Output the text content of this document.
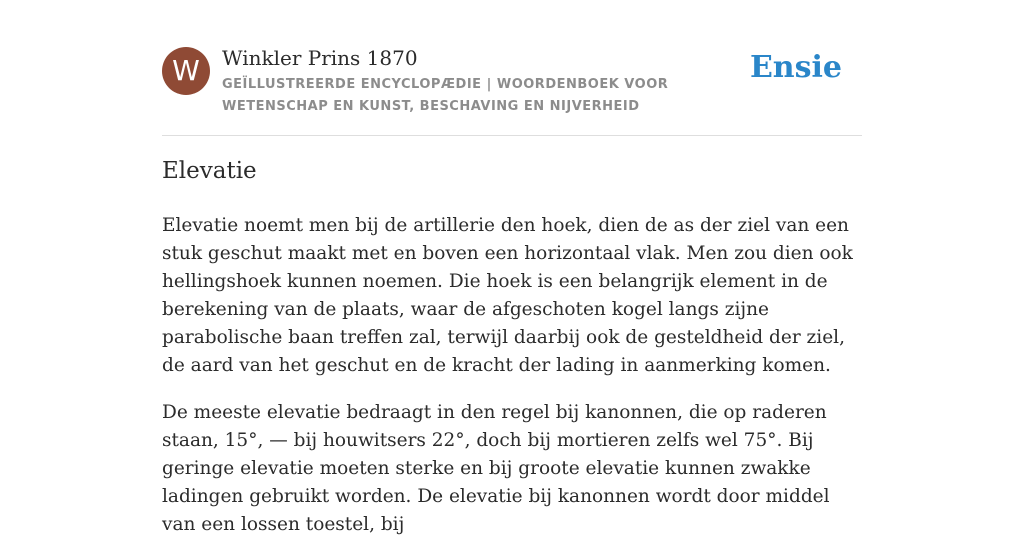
W	Winkler Prins 1870
GEÏLLUSTREERDE ENCYCLOPÆDIE | WOORDENBOEK VOOR WETENSCHAP EN KUNST, BESCHAVING EN NIJVERHEID
Ensie
Elevatie

Elevatie noemt men bij de artillerie den hoek, dien de as der ziel van een stuk geschut maakt met en boven een horizontaal vlak. Men zou dien ook hellingshoek kunnen noemen. Die hoek is een belangrijk element in de berekening van de plaats, waar de afgeschoten kogel langs zijne parabolische baan treffen zal, terwijl daarbij ook de gesteldheid der ziel, de aard van het geschut en de kracht der lading in aanmerking komen.

De meeste elevatie bedraagt in den regel bij kanonnen, die op raderen staan, 15°, — bij houwitsers 22°, doch bij mortieren zelfs wel 75°. Bij geringe elevatie moeten sterke en bij groote elevatie kunnen zwakke ladingen gebruikt worden. De elevatie bij kanonnen wordt door middel van een lossen toestel, bij
